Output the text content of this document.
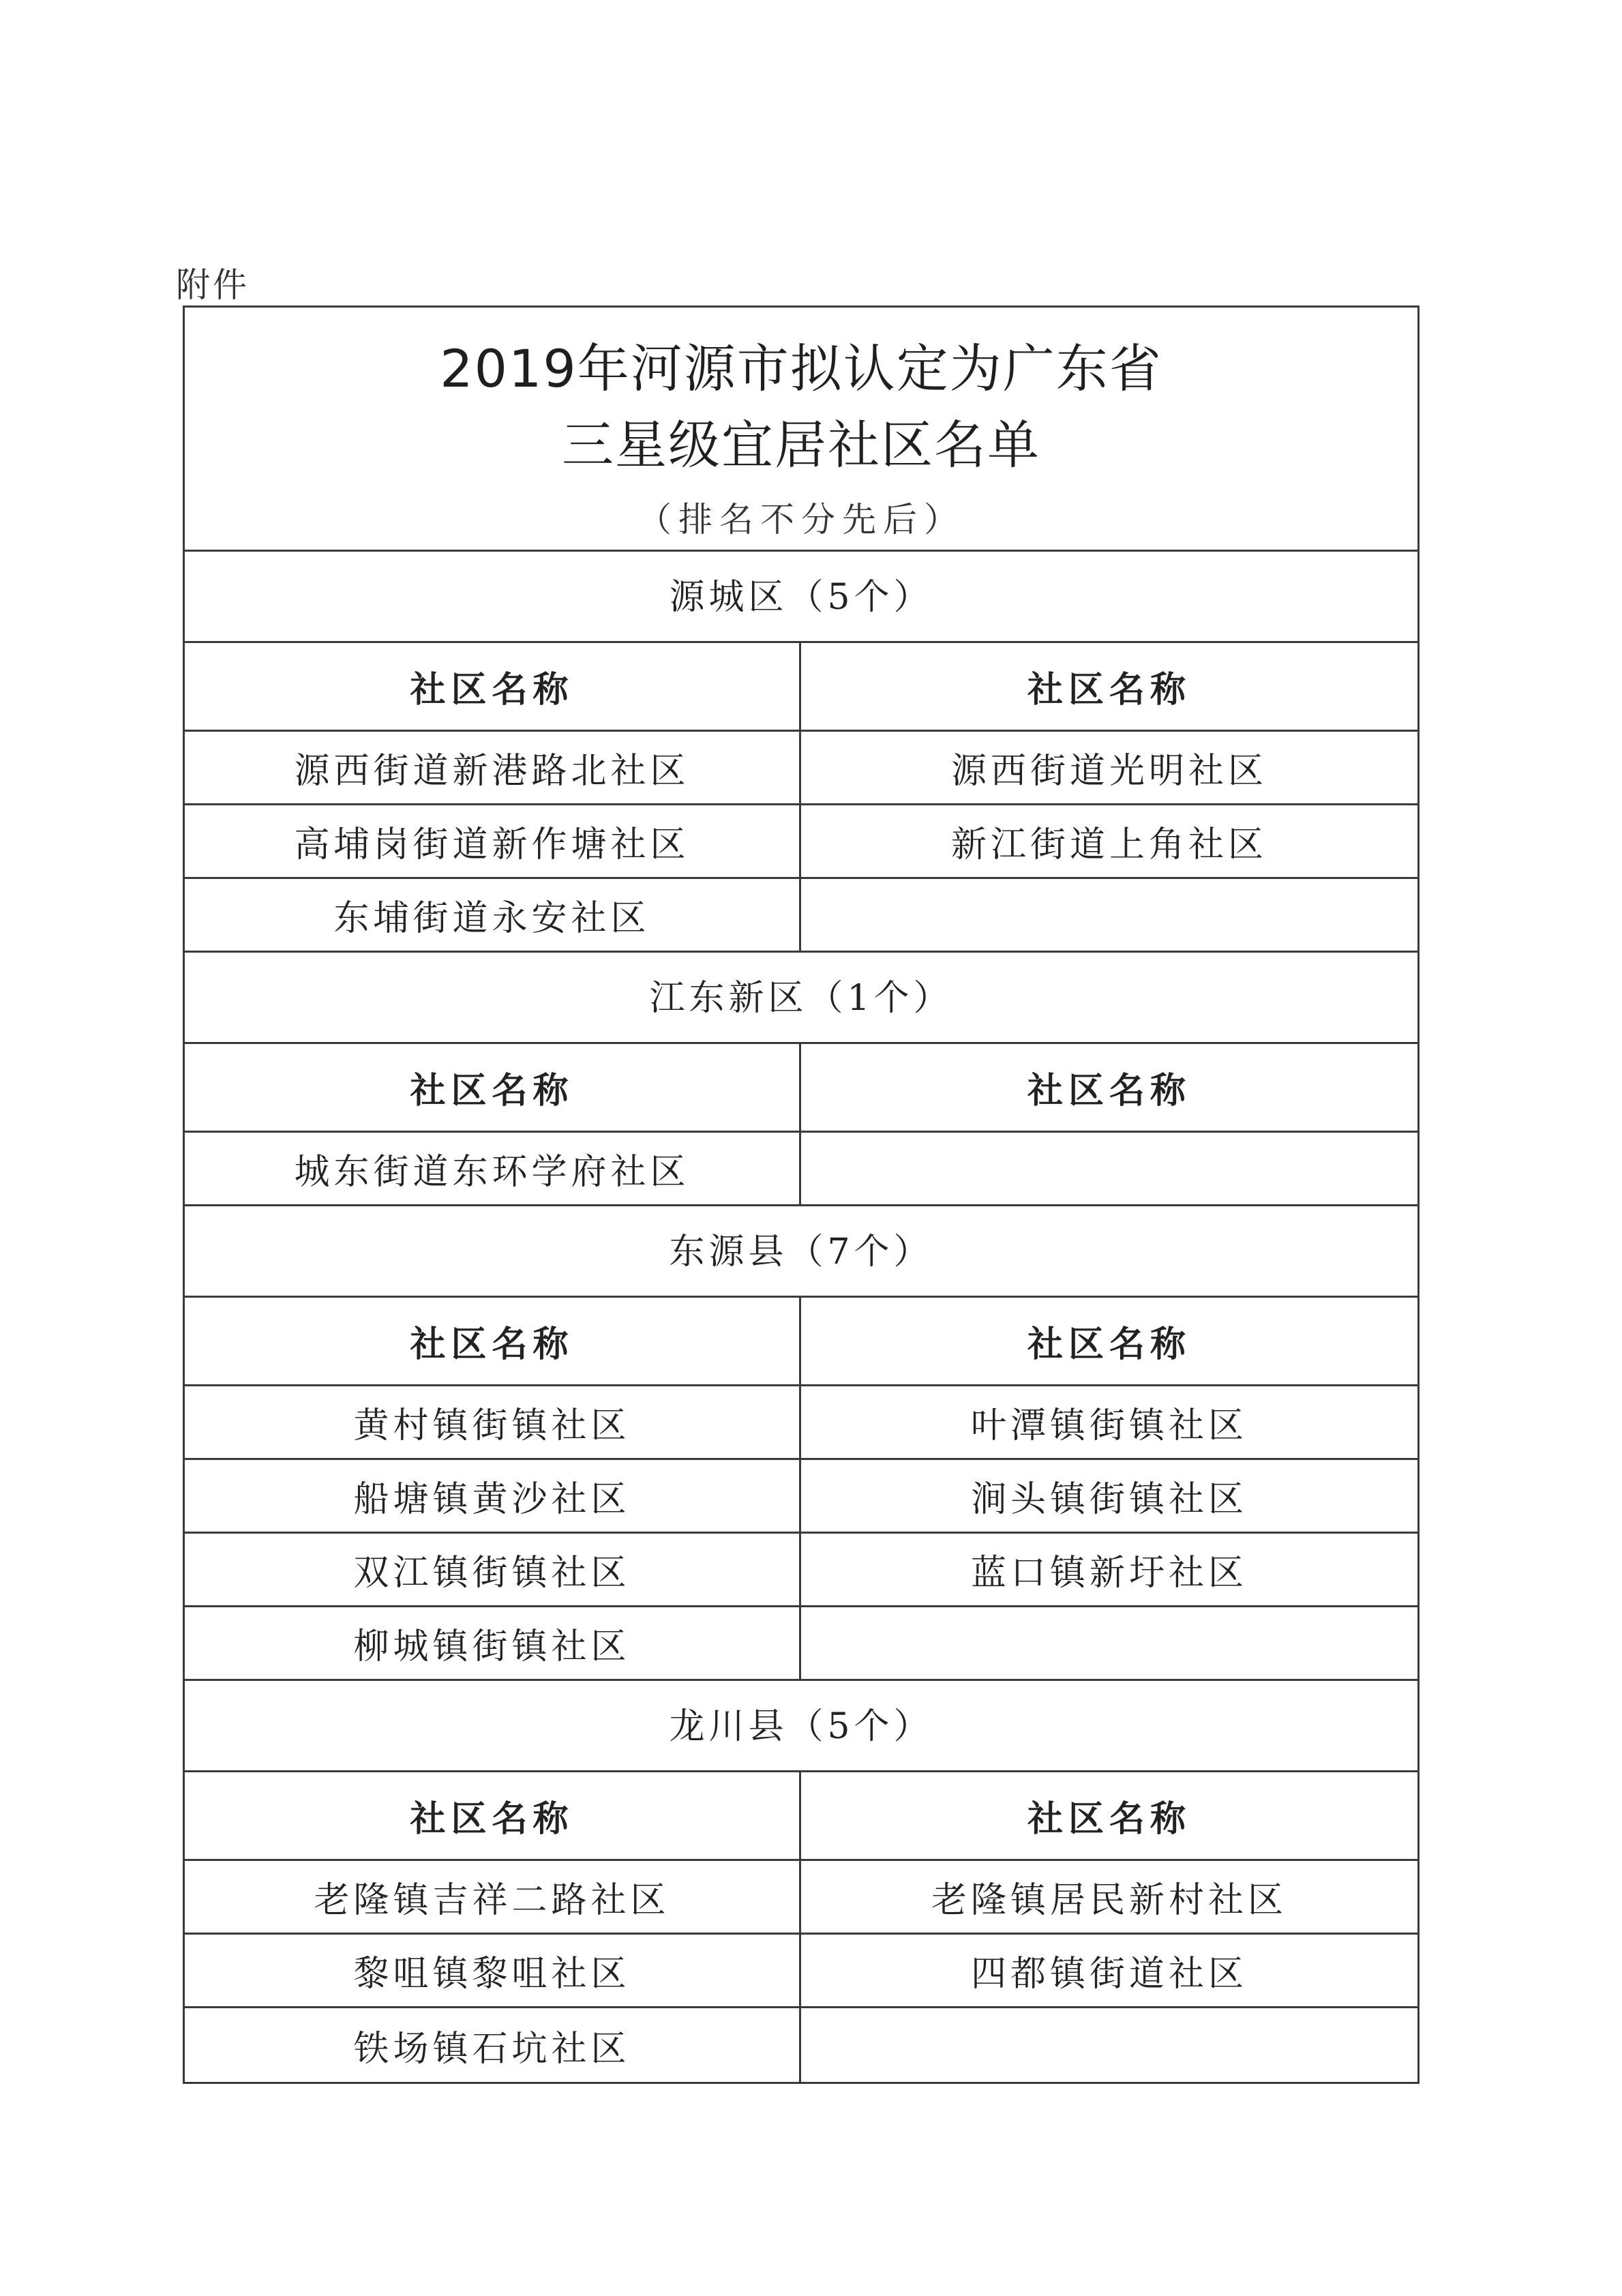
附件
2019年河源市拟认定为广东省
三星级宜居社区名单
（排名不分先后）
源城区（5个）
社区名称	社区名称
源西街道新港路北社区	源西街道光明社区
高埔岗街道新作塘社区	新江街道上角社区
东埔街道永安社区
江东新区（1个）
社区名称	社区名称
城东街道东环学府社区
东源县（7个）
社区名称	社区名称
黄村镇街镇社区	叶潭镇街镇社区
船塘镇黄沙社区	涧头镇街镇社区
双江镇街镇社区	蓝口镇新圩社区
柳城镇街镇社区
龙川县（5个）
社区名称	社区名称
老隆镇吉祥二路社区	老隆镇居民新村社区
黎咀镇黎咀社区	四都镇街道社区
铁场镇石坑社区
